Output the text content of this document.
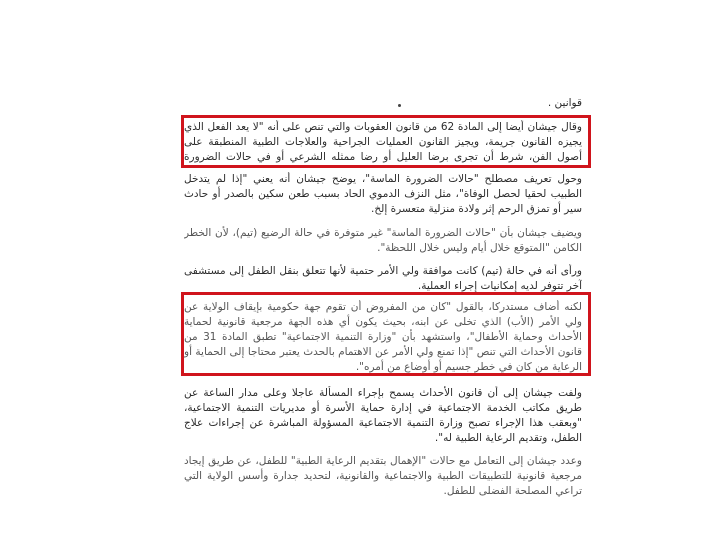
قوانين .
وقال جيشان أيضا إلى المادة 62 من قانون العقوبات والتي تنص على أنه "لا يعد الفعل الذي يجيزه القانون جريمة، ويجيز القانون العمليات الجراحية والعلاجات الطبية المنطبقة على أصول الفن، شرط أن تجرى برضا العليل أو رضا ممثله الشرعي أو في حالات الضرورة
وحول تعريف مصطلح "حالات الضرورة الماسة"، يوضح جيشان أنه يعني "إذا لم يتدخل الطبيب لحقيا لحصل الوفاة"، مثل النزف الدموي الحاد بسبب طعن سكين بالصدر أو حادث سير أو تمزق الرحم إثر ولادة منزلية متعسرة إلخ.
ويضيف جيشان بأن "حالات الضرورة الماسة" غير متوفرة في حالة الرضيع (تيم)، لأن الخطر الكامن "المتوقع خلال أيام وليس خلال اللحظة".
ورأى أنه في حالة (تيم) كانت موافقة ولي الأمر حتمية لأنها تتعلق بنقل الطفل إلى مستشفى آخر تتوفر لديه إمكانيات إجراء العملية.
لكنه أضاف مستدركا، بالقول "كان من المفروض أن تقوم جهة حكومية بإيقاف الولاية عن ولي الأمر (الأب) الذي تخلى عن ابنه، بحيث يكون أي هذه الجهة مرجعية قانونية لحماية الأحداث وحماية الأطفال"، واستشهد بأن "وزارة التنمية الاجتماعية" تطبق المادة 31 من قانون الأحداث التي تنص "إذا تمنع ولي الأمر عن الاهتمام بالحدث يعتبر محتاجا إلى الحماية أو الرعاية من كان في خطر جسيم أو أوضاع من أمره".
ولفت جيشان إلى أن قانون الأحداث يسمح بإجراء المسألة عاجلا وعلى مدار الساعة عن طريق مكاتب الخدمة الاجتماعية في إدارة حماية الأسرة أو مديريات التنمية الاجتماعية، "وبعقب هذا الإجراء تصبح وزارة التنمية الاجتماعية المسؤولة المباشرة عن إجراءات علاج الطفل، وتقديم الرعاية الطبية له".
وعدد جيشان إلى التعامل مع حالات "الإهمال بتقديم الرعاية الطبية" للطفل، عن طريق إيجاد مرجعية قانونية للتطبيقات الطبية والاجتماعية والقانونية، لتحديد جدارة وأسس الولاية التي تراعي المصلحة الفضلى للطفل.
